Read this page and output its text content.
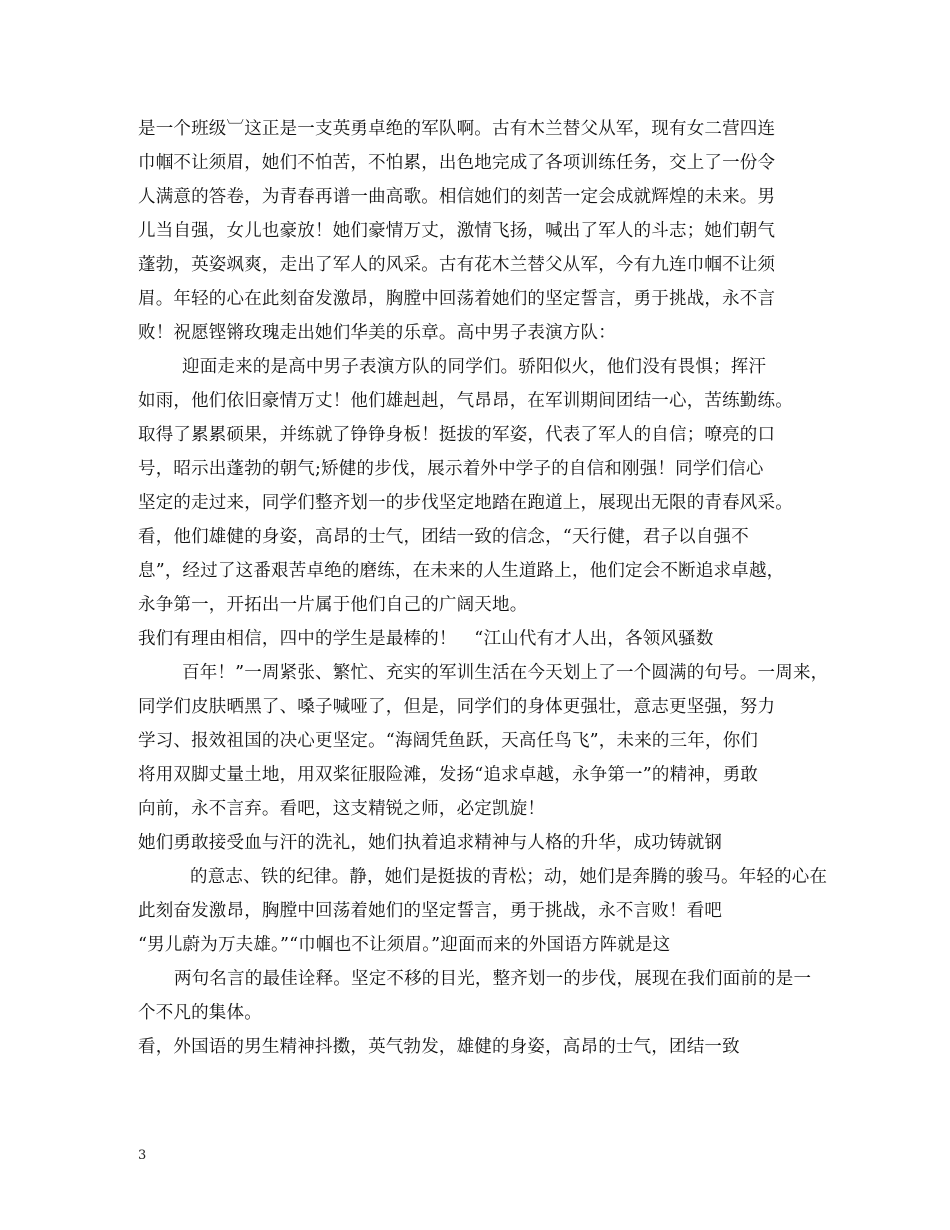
是一个班级︺这正是一支英勇卓绝的军队啊。古有木兰替父从军，现有女二营四连
巾帼不让须眉，她们不怕苦，不怕累，出色地完成了各项训练任务，交上了一份令
人满意的答卷，为青春再谱一曲高歌。相信她们的刻苦一定会成就辉煌的未来。男
儿当自强，女儿也豪放！她们豪情万丈，激情飞扬，喊出了军人的斗志；她们朝气
蓬勃，英姿飒爽，走出了军人的风采。古有花木兰替父从军，今有九连巾帼不让须
眉。年轻的心在此刻奋发激昂，胸膛中回荡着她们的坚定誓言，勇于挑战，永不言
败！祝愿铿锵玫瑰走出她们华美的乐章。高中男子表演方队：
迎面走来的是高中男子表演方队的同学们。骄阳似火，他们没有畏惧；挥汗
如雨，他们依旧豪情万丈！他们雄赳赳，气昂昂，在军训期间团结一心，苦练勤练。
取得了累累硕果，并练就了铮铮身板！挺拔的军姿，代表了军人的自信；嘹亮的口
号，昭示出蓬勃的朝气;矫健的步伐，展示着外中学子的自信和刚强！同学们信心
坚定的走过来，同学们整齐划一的步伐坚定地踏在跑道上，展现出无限的青春风采。
看，他们雄健的身姿，高昂的士气，团结一致的信念，“天行健，君子以自强不
息”，经过了这番艰苦卓绝的磨练，在未来的人生道路上，他们定会不断追求卓越，
永争第一，开拓出一片属于他们自己的广阔天地。
我们有理由相信，四中的学生是最棒的！　“江山代有才人出，各领风骚数
百年！”一周紧张、繁忙、充实的军训生活在今天划上了一个圆满的句号。一周来，
同学们皮肤晒黑了、嗓子喊哑了，但是，同学们的身体更强壮，意志更坚强，努力
学习、报效祖国的决心更坚定。“海阔凭鱼跃，天高任鸟飞”，未来的三年，你们
将用双脚丈量土地，用双桨征服险滩，发扬“追求卓越，永争第一”的精神，勇敢
向前，永不言弃。看吧，这支精锐之师，必定凯旋！
她们勇敢接受血与汗的洗礼，她们执着追求精神与人格的升华，成功铸就钢
的意志、铁的纪律。静，她们是挺拔的青松；动，她们是奔腾的骏马。年轻的心在
此刻奋发激昂，胸膛中回荡着她们的坚定誓言，勇于挑战，永不言败！看吧
“男儿蔚为万夫雄。”“巾帼也不让须眉。”迎面而来的外国语方阵就是这
两句名言的最佳诠释。坚定不移的目光，整齐划一的步伐，展现在我们面前的是一
个不凡的集体。
看，外国语的男生精神抖擞，英气勃发，雄健的身姿，高昂的士气，团结一致
3
